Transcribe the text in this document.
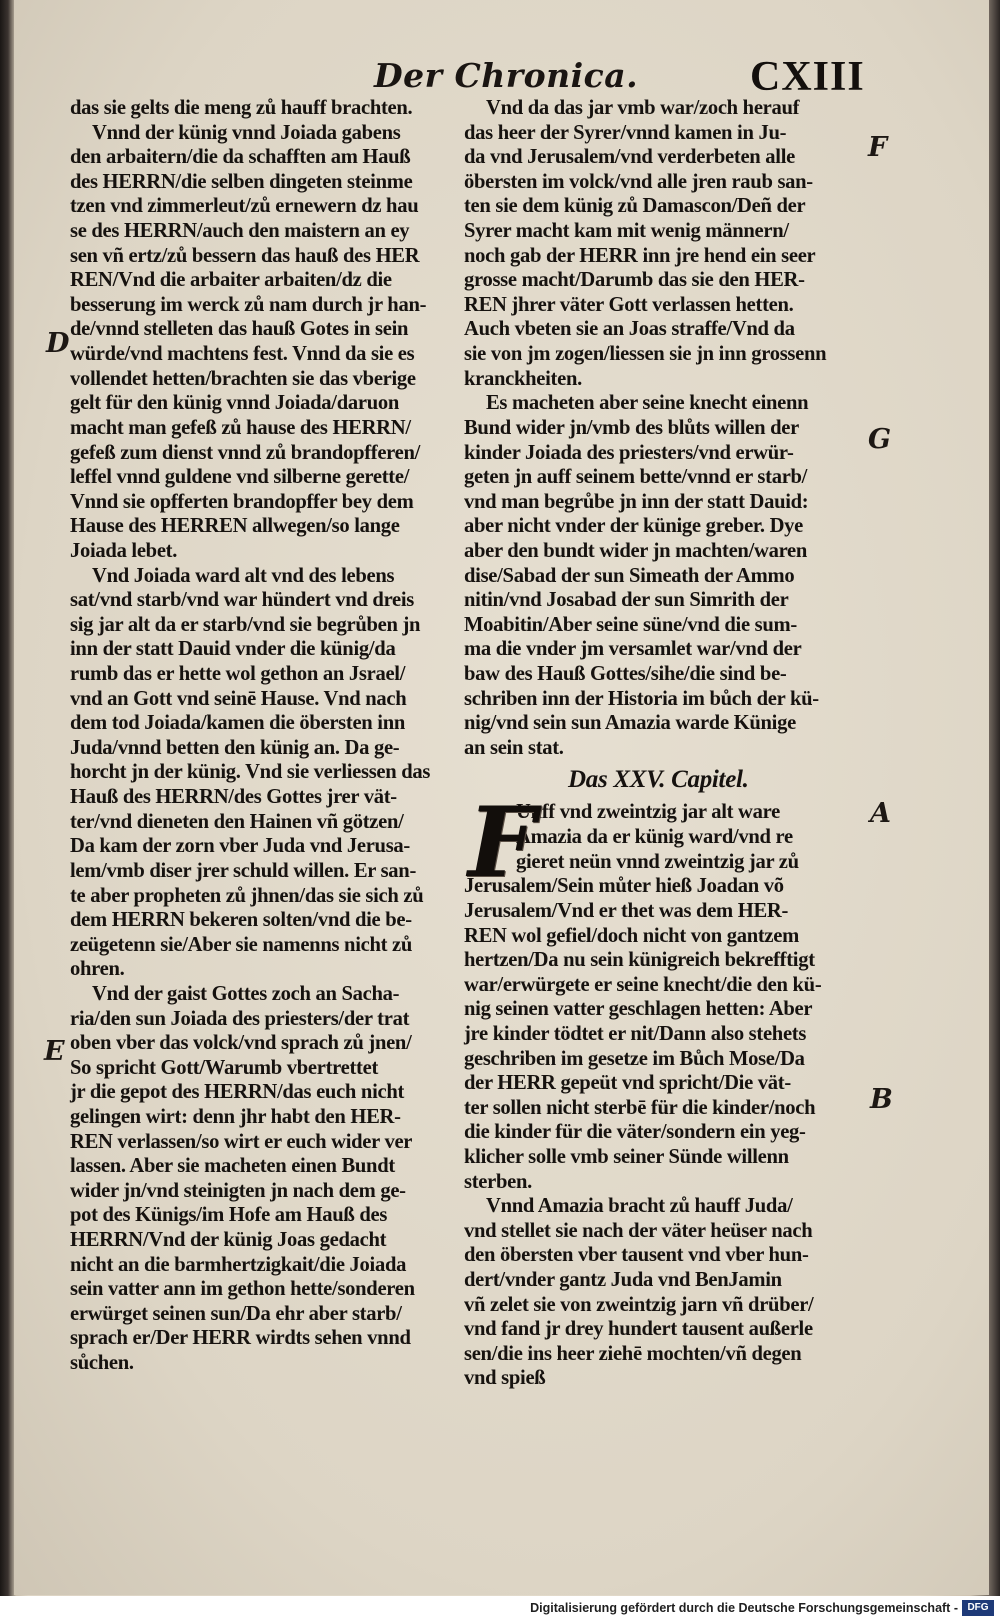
Der Chronica.	CXIII
das sie gelts die meng zů hauff brachten.
Vnnd der künig vnnd Joiada gabens
den arbaitern/die da schafften am Hauß
des HERRN/die selben dingeten steinme
tzen vnd zimmerleut/zů ernewern dz hau
se des HERRN/auch den maistern an ey
sen vñ ertz/zů bessern das hauß des HER
REN/Vnd die arbaiter arbaiten/dz die
besserung im werck zů nam durch jr han-
de/vnnd stelleten das hauß Gotes in sein
würde/vnd machtens fest. Vnnd da sie es
vollendet hetten/brachten sie das vberige
gelt für den künig vnnd Joiada/daruon
macht man gefeß zů hause des HERRN/
gefeß zum dienst vnnd zů brandopfferen/
leffel vnnd guldene vnd silberne gerette/
Vnnd sie opfferten brandopffer bey dem
Hause des HERREN allwegen/so lange
Joiada lebet.
Vnd Joiada ward alt vnd des lebens
sat/vnd starb/vnd war hündert vnd dreis
sig jar alt da er starb/vnd sie begrůben jn
inn der statt Dauid vnder die künig/da
rumb das er hette wol gethon an Jsrael/
vnd an Gott vnd seinē Hause. Vnd nach
dem tod Joiada/kamen die öbersten inn
Juda/vnnd betten den künig an. Da ge-
horcht jn der künig. Vnd sie verliessen das
Hauß des HERRN/des Gottes jrer vät-
ter/vnd dieneten den Hainen vñ götzen/
Da kam der zorn vber Juda vnd Jerusa-
lem/vmb diser jrer schuld willen. Er san-
te aber propheten zů jhnen/das sie sich zů
dem HERRN bekeren solten/vnd die be-
zeügetenn sie/Aber sie namenns nicht zů
ohren.
Vnd der gaist Gottes zoch an Sacha-
ria/den sun Joiada des priesters/der trat
oben vber das volck/vnd sprach zů jnen/
So spricht Gott/Warumb vbertrettet
jr die gepot des HERRN/das euch nicht
gelingen wirt: denn jhr habt den HER-
REN verlassen/so wirt er euch wider ver
lassen. Aber sie macheten einen Bundt
wider jn/vnd steinigten jn nach dem ge-
pot des Künigs/im Hofe am Hauß des
HERRN/Vnd der künig Joas gedacht
nicht an die barmhertzigkait/die Joiada
sein vatter ann im gethon hette/sonderen
erwürget seinen sun/Da ehr aber starb/
sprach er/Der HERR wirdts sehen vnnd
sůchen.
Vnd da das jar vmb war/zoch herauf
das heer der Syrer/vnnd kamen in Ju-
da vnd Jerusalem/vnd verderbeten alle
öbersten im volck/vnd alle jren raub san-
ten sie dem künig zů Damascon/Deñ der
Syrer macht kam mit wenig männern/
noch gab der HERR inn jre hend ein seer
grosse macht/Darumb das sie den HER-
REN jhrer väter Gott verlassen hetten.
Auch vbeten sie an Joas straffe/Vnd da
sie von jm zogen/liessen sie jn inn grossenn
kranckheiten.
Es macheten aber seine knecht einenn
Bund wider jn/vmb des blůts willen der
kinder Joiada des priesters/vnd erwür-
geten jn auff seinem bette/vnnd er starb/
vnd man begrůbe jn inn der statt Dauid:
aber nicht vnder der künige greber. Dye
aber den bundt wider jn machten/waren
dise/Sabad der sun Simeath der Ammo
nitin/vnd Josabad der sun Simrith der
Moabitin/Aber seine süne/vnd die sum-
ma die vnder jm versamlet war/vnd der
baw des Hauß Gottes/sihe/die sind be-
schriben inn der Historia im bůch der kü-
nig/vnd sein sun Amazia warde Künige
an sein stat.
Das XXV. Capitel.
F
Unff vnd zweintzig jar alt ware
Amazia da er künig ward/vnd re
gieret neün vnnd zweintzig jar zů
Jerusalem/Sein můter hieß Joadan võ
Jerusalem/Vnd er thet was dem HER-
REN wol gefiel/doch nicht von gantzem
hertzen/Da nu sein künigreich bekrefftigt
war/erwürgete er seine knecht/die den kü-
nig seinen vatter geschlagen hetten: Aber
jre kinder tödtet er nit/Dann also stehets
geschriben im gesetze im Bůch Mose/Da
der HERR gepeüt vnd spricht/Die vät-
ter sollen nicht sterbē für die kinder/noch
die kinder für die väter/sondern ein yeg-
klicher solle vmb seiner Sünde willenn
sterben.
Vnnd Amazia bracht zů hauff Juda/
vnd stellet sie nach der väter heüser nach
den öbersten vber tausent vnd vber hun-
dert/vnder gantz Juda vnd BenJamin
vñ zelet sie von zweintzig jarn vñ drüber/
vnd fand jr drey hundert tausent außerle
sen/die ins heer ziehē mochten/vñ degen
vnd spieß
D
E
F
G
A
B
Digitalisierung gefördert durch die Deutsche Forschungsgemeinschaft - DFG
